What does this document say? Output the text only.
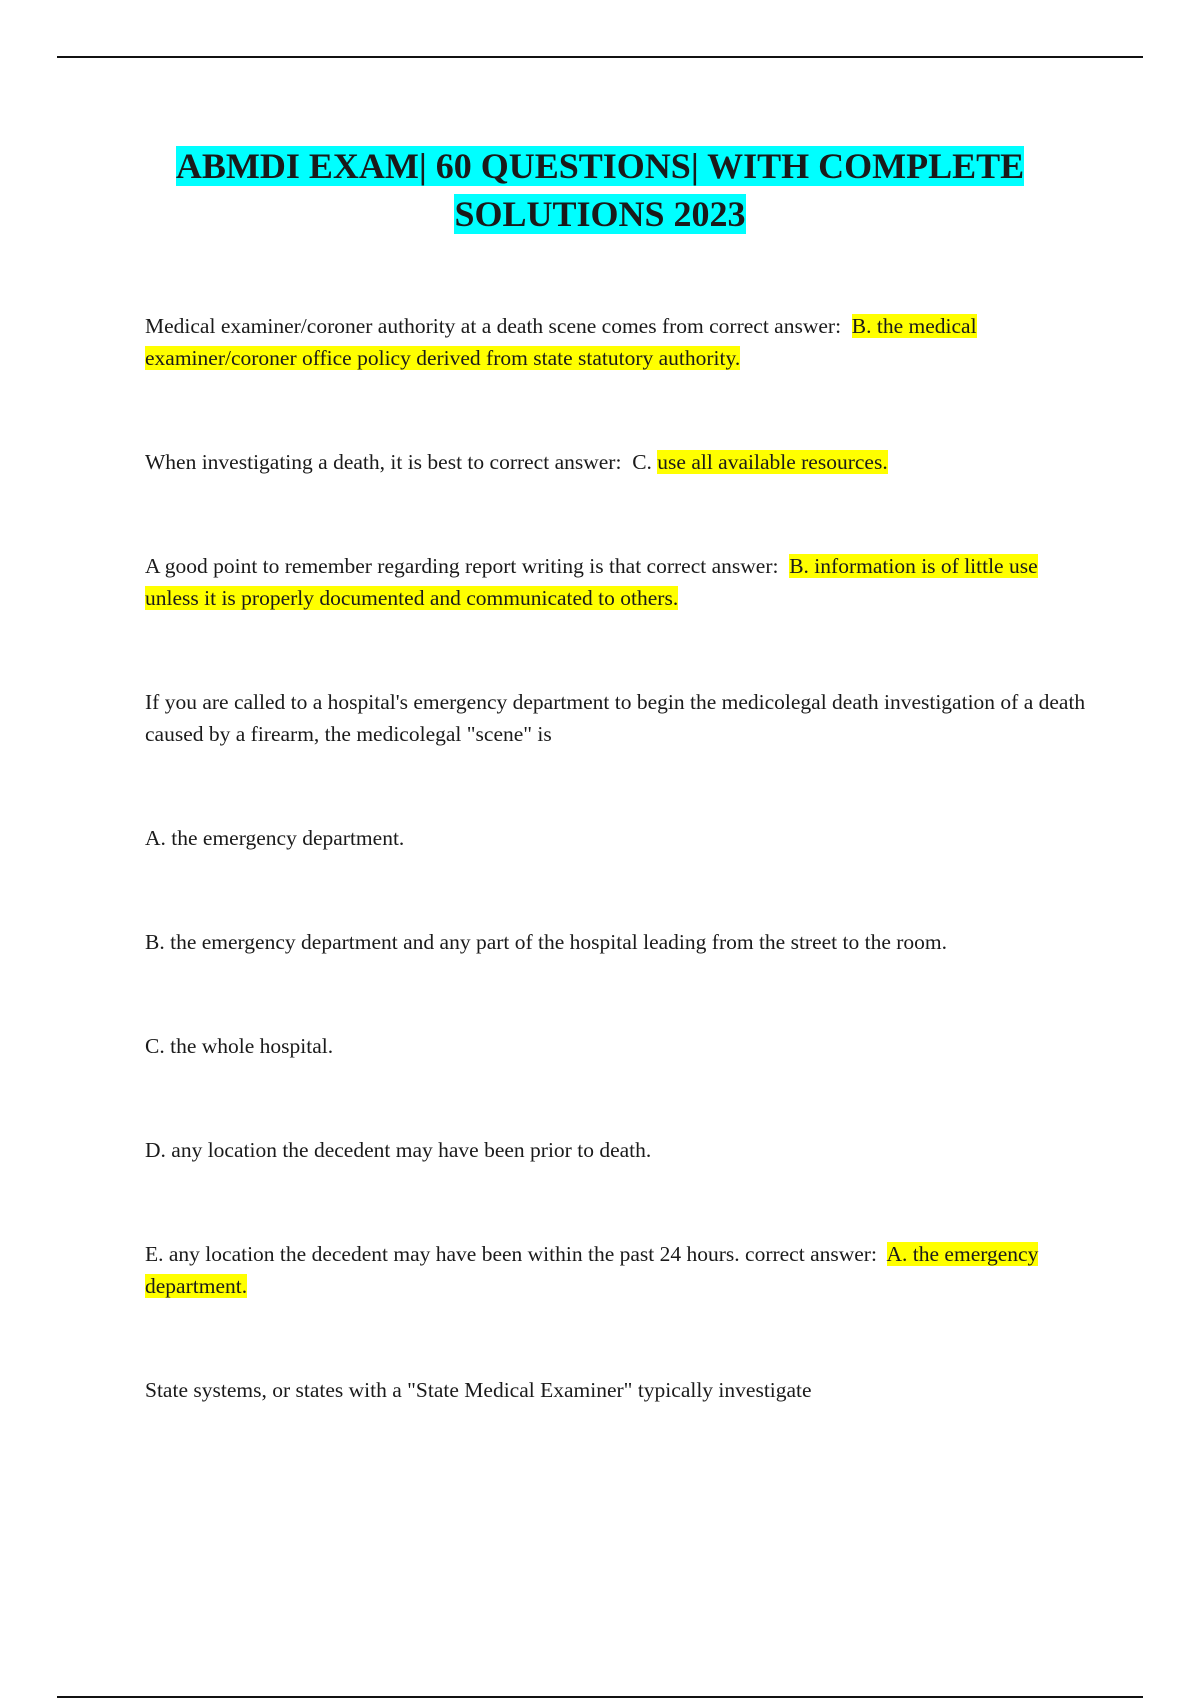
ABMDI EXAM| 60 QUESTIONS| WITH COMPLETE SOLUTIONS 2023

Medical examiner/coroner authority at a death scene comes from correct answer: B. the medical examiner/coroner office policy derived from state statutory authority.

When investigating a death, it is best to correct answer: C. use all available resources.

A good point to remember regarding report writing is that correct answer: B. information is of little use unless it is properly documented and communicated to others.

If you are called to a hospital's emergency department to begin the medicolegal death investigation of a death caused by a firearm, the medicolegal "scene" is

A. the emergency department.

B. the emergency department and any part of the hospital leading from the street to the room.

C. the whole hospital.

D. any location the decedent may have been prior to death.

E. any location the decedent may have been within the past 24 hours. correct answer: A. the emergency department.

State systems, or states with a "State Medical Examiner" typically investigate
